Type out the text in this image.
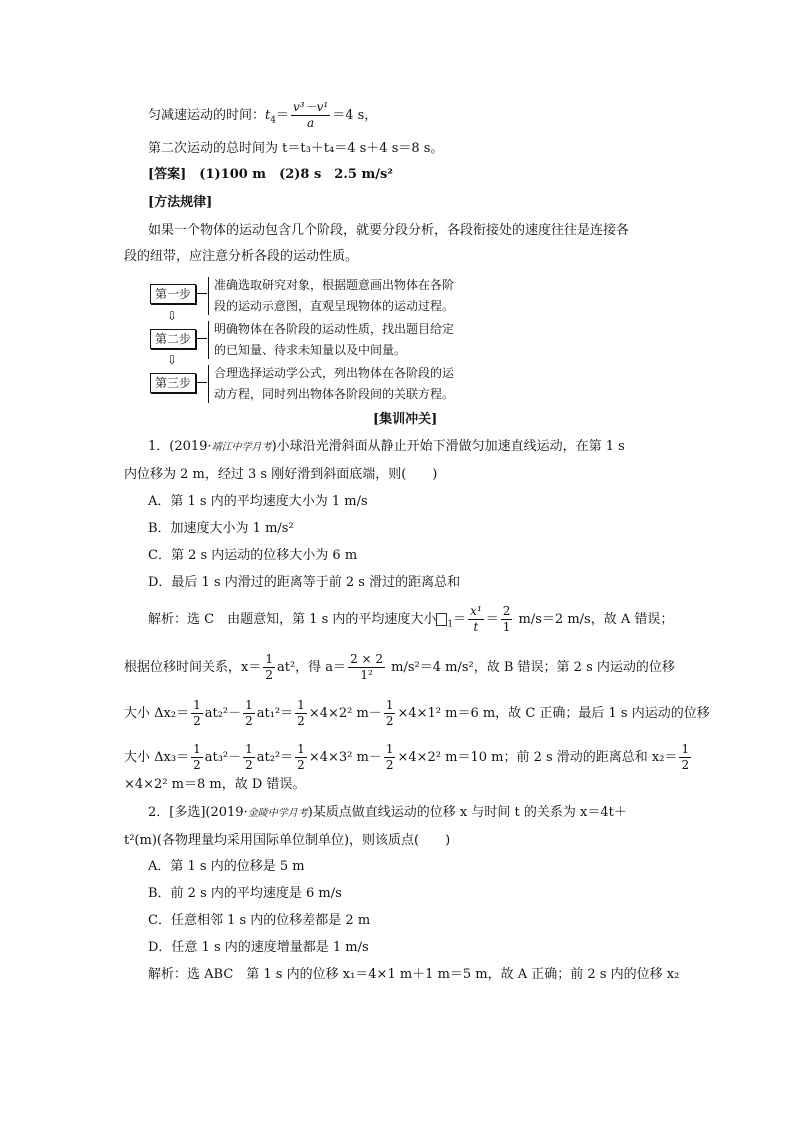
匀减速运动的时间：$t_4= \frac{\text{v³－v¹}}{a} =4$ s，
第二次运动的总时间为 t＝t₃＋t₄＝4 s＋4 s＝8 s。
[答案]　(1)100 m　(2)8 s　2.5 m/s²
[方法规律]
如果一个物体的运动包含几个阶段，就要分段分析，各段衔接处的速度往往是连接各
段的纽带，应注意分析各段的运动性质。
第一步
准确选取研究对象，根据题意画出物体在各阶
段的运动示意图，直观呈现物体的运动过程。
⇩
第二步
明确物体在各阶段的运动性质，找出题目给定
的已知量、待求未知量以及中间量。
⇩
第三步
合理选择运动学公式，列出物体在各阶段的运
动方程，同时列出物体各阶段间的关联方程。
[集训冲关]
1．(2019·靖江中学月考)小球沿光滑斜面从静止开始下滑做匀加速直线运动，在第 1 s
内位移为 2 m，经过 3 s 刚好滑到斜面底端，则(　　)
A．第 1 s 内的平均速度大小为 1 m/s
B．加速度大小为 1 m/s²
C．第 2 s 内运动的位移大小为 6 m
D．最后 1 s 内滑过的距离等于前 2 s 滑过的距离总和
解析：选 C　由题意知，第 1 s 内的平均速度大小 $_1= \frac{\text{x¹}}{t} = \frac{2}{1} m/s=2$ m/s，故 A 错误；
根据位移时间关系，$x= \frac{1}{2} at^2$，得 $a= \frac{2 \times 2}{\text{1²}} m/s^2=4$ m/s²，故 B 错误；第 2 s 内运动的位移
大小 $\Delta x_2= \frac{1}{2} at_2^2- \frac{1}{2} at_1^2= \frac{1}{2} \times 4\times 2^2$ $m- \frac{1}{2} \times 4\times 1^2$ m＝6 m，故 C 正确；最后 1 s 内运动的位移
大小 $\Delta x_3= \frac{1}{2} at_3^2- \frac{1}{2} at_2^2= \frac{1}{2} \times 4\times 3^2$ $m- \frac{1}{2} \times 4\times 2^2$ m＝10 m；前 2 s 滑动的距离总和 $x_2= \frac{1}{2}$
×4×2² m＝8 m，故 D 错误。
2．[多选](2019·金陵中学月考)某质点做直线运动的位移 x 与时间 t 的关系为 x＝4t＋
t²(m)(各物理量均采用国际单位制单位)，则该质点(　　)
A．第 1 s 内的位移是 5 m
B．前 2 s 内的平均速度是 6 m/s
C．任意相邻 1 s 内的位移差都是 2 m
D．任意 1 s 内的速度增量都是 1 m/s
解析：选 ABC　第 1 s 内的位移 x₁＝4×1 m＋1 m＝5 m，故 A 正确；前 2 s 内的位移 x₂
